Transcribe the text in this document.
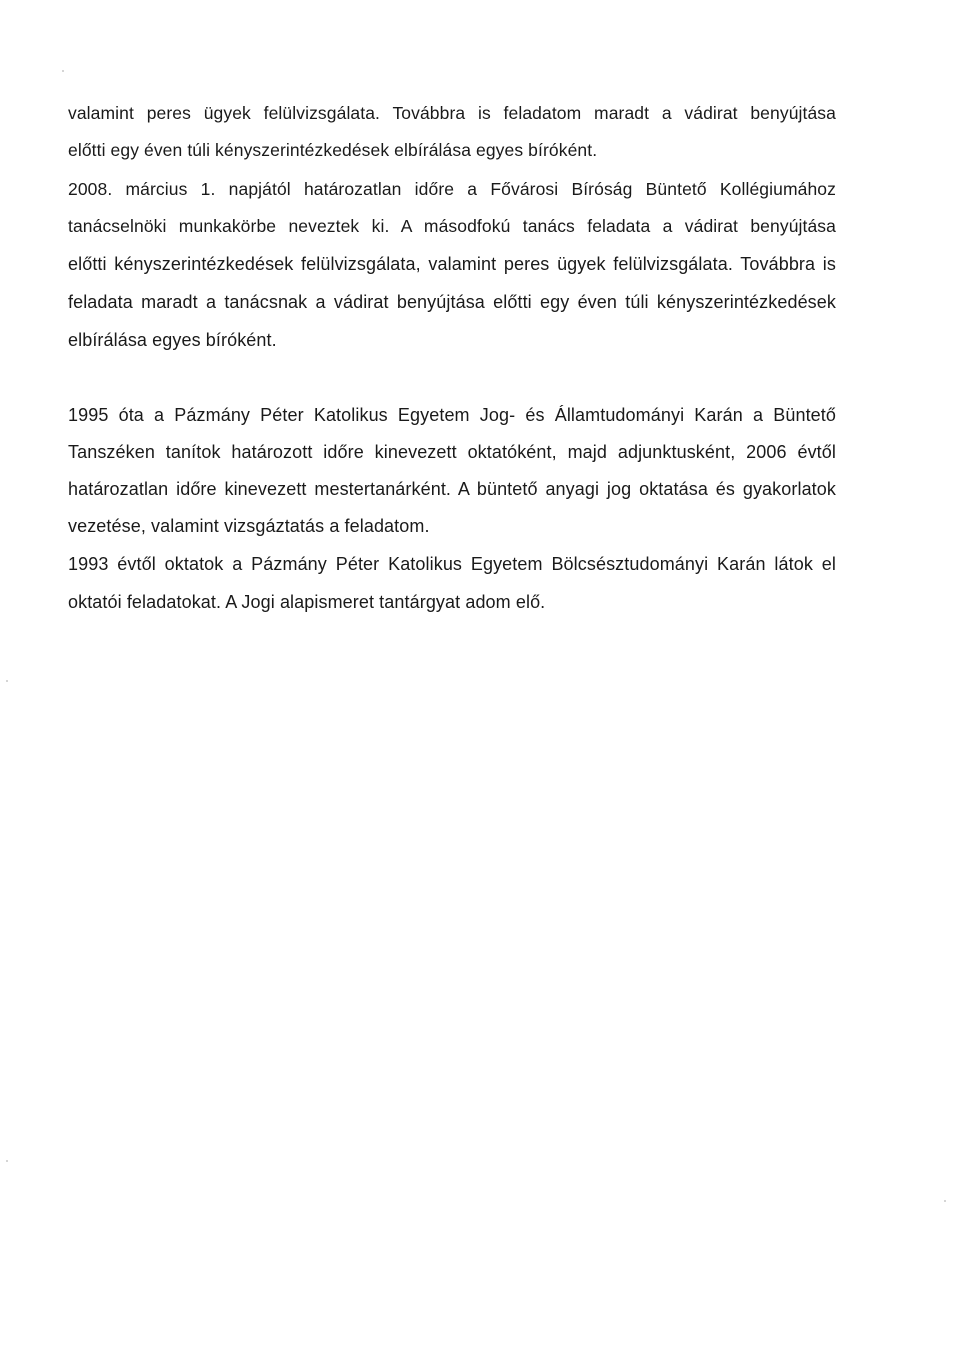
valamint peres ügyek felülvizsgálata. Továbbra is feladatom maradt a vádirat benyújtása
előtti egy éven túli kényszerintézkedések elbírálása egyes bíróként.
2008. március 1. napjától határozatlan időre a Fővárosi Bíróság Büntető Kollégiumához
tanácselnöki munkakörbe neveztek ki. A másodfokú tanács feladata a vádirat benyújtása
előtti kényszerintézkedések felülvizsgálata, valamint peres ügyek felülvizsgálata. Továbbra is
feladata maradt a tanácsnak a vádirat benyújtása előtti egy éven túli kényszerintézkedések
elbírálása egyes bíróként.
1995 óta a Pázmány Péter Katolikus Egyetem Jog- és Államtudományi Karán a Büntető
Tanszéken tanítok határozott időre kinevezett oktatóként, majd adjunktusként, 2006 évtől
határozatlan időre kinevezett mestertanárként. A büntető anyagi jog oktatása és gyakorlatok
vezetése, valamint vizsgáztatás a feladatom.
1993 évtől oktatok a Pázmány Péter Katolikus Egyetem Bölcsésztudományi Karán látok el
oktatói feladatokat. A Jogi alapismeret tantárgyat adom elő.
